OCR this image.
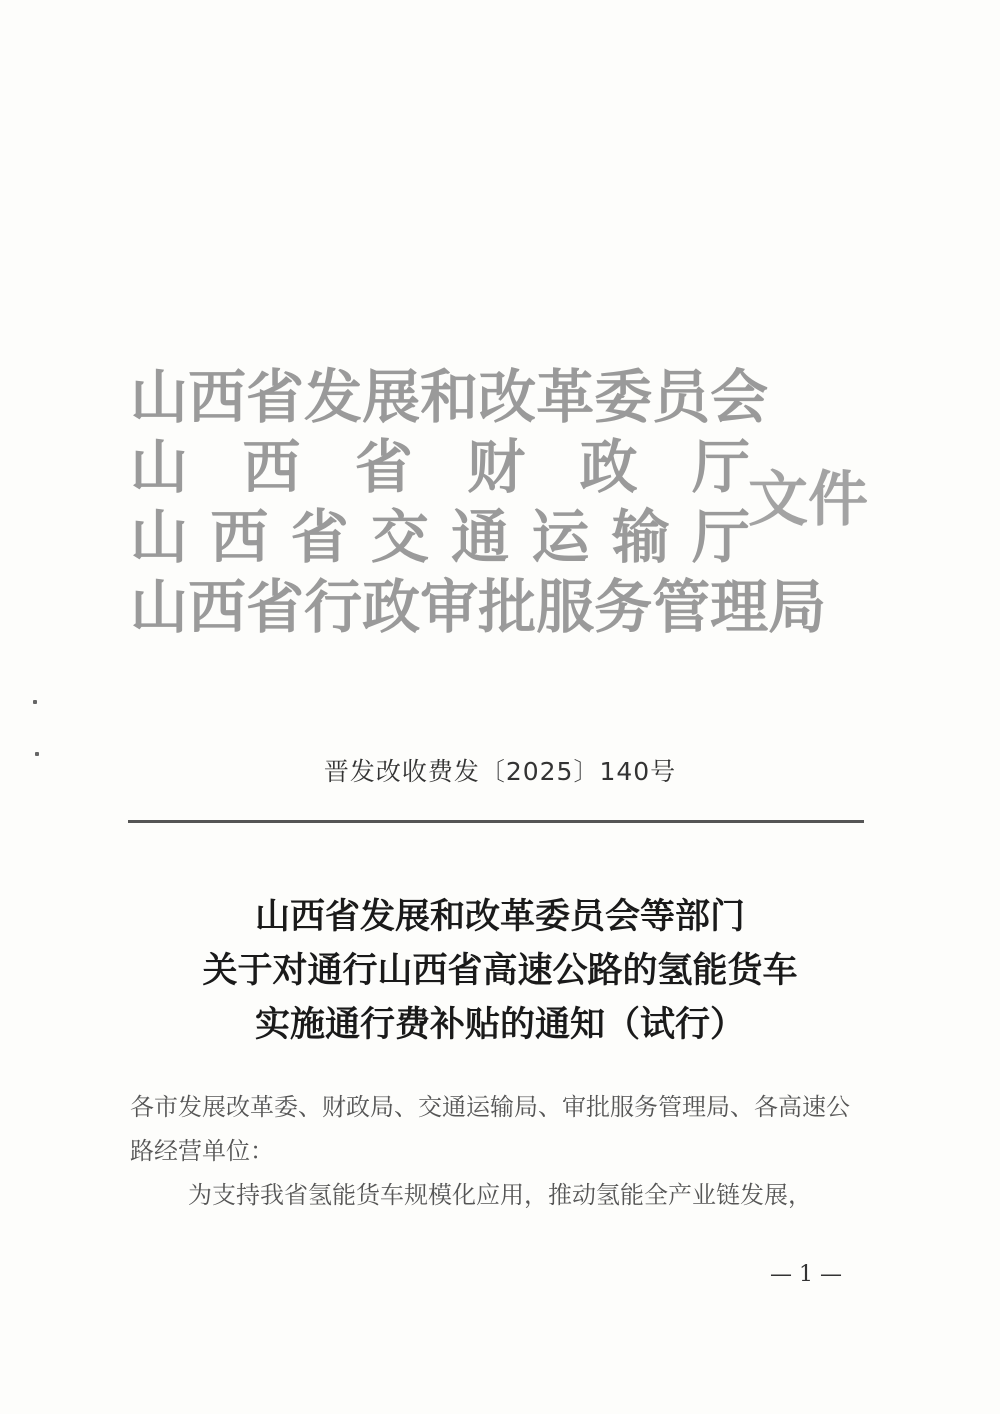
山 西 省 发 展 和 改 革 委 员 会
山 西 省 财 政 厅
山 西 省 交 通 运 输 厅
山 西 省 行 政 审 批 服 务 管 理 局
文件
晋发改收费发〔2025〕140号
山西省发展和改革委员会等部门
关于对通行山西省高速公路的氢能货车
实施通行费补贴的通知（试行）

各市发展改革委、财政局、交通运输局、审批服务管理局、各高速公路经营单位：

为支持我省氢能货车规模化应用，推动氢能全产业链发展，

— 1 —
